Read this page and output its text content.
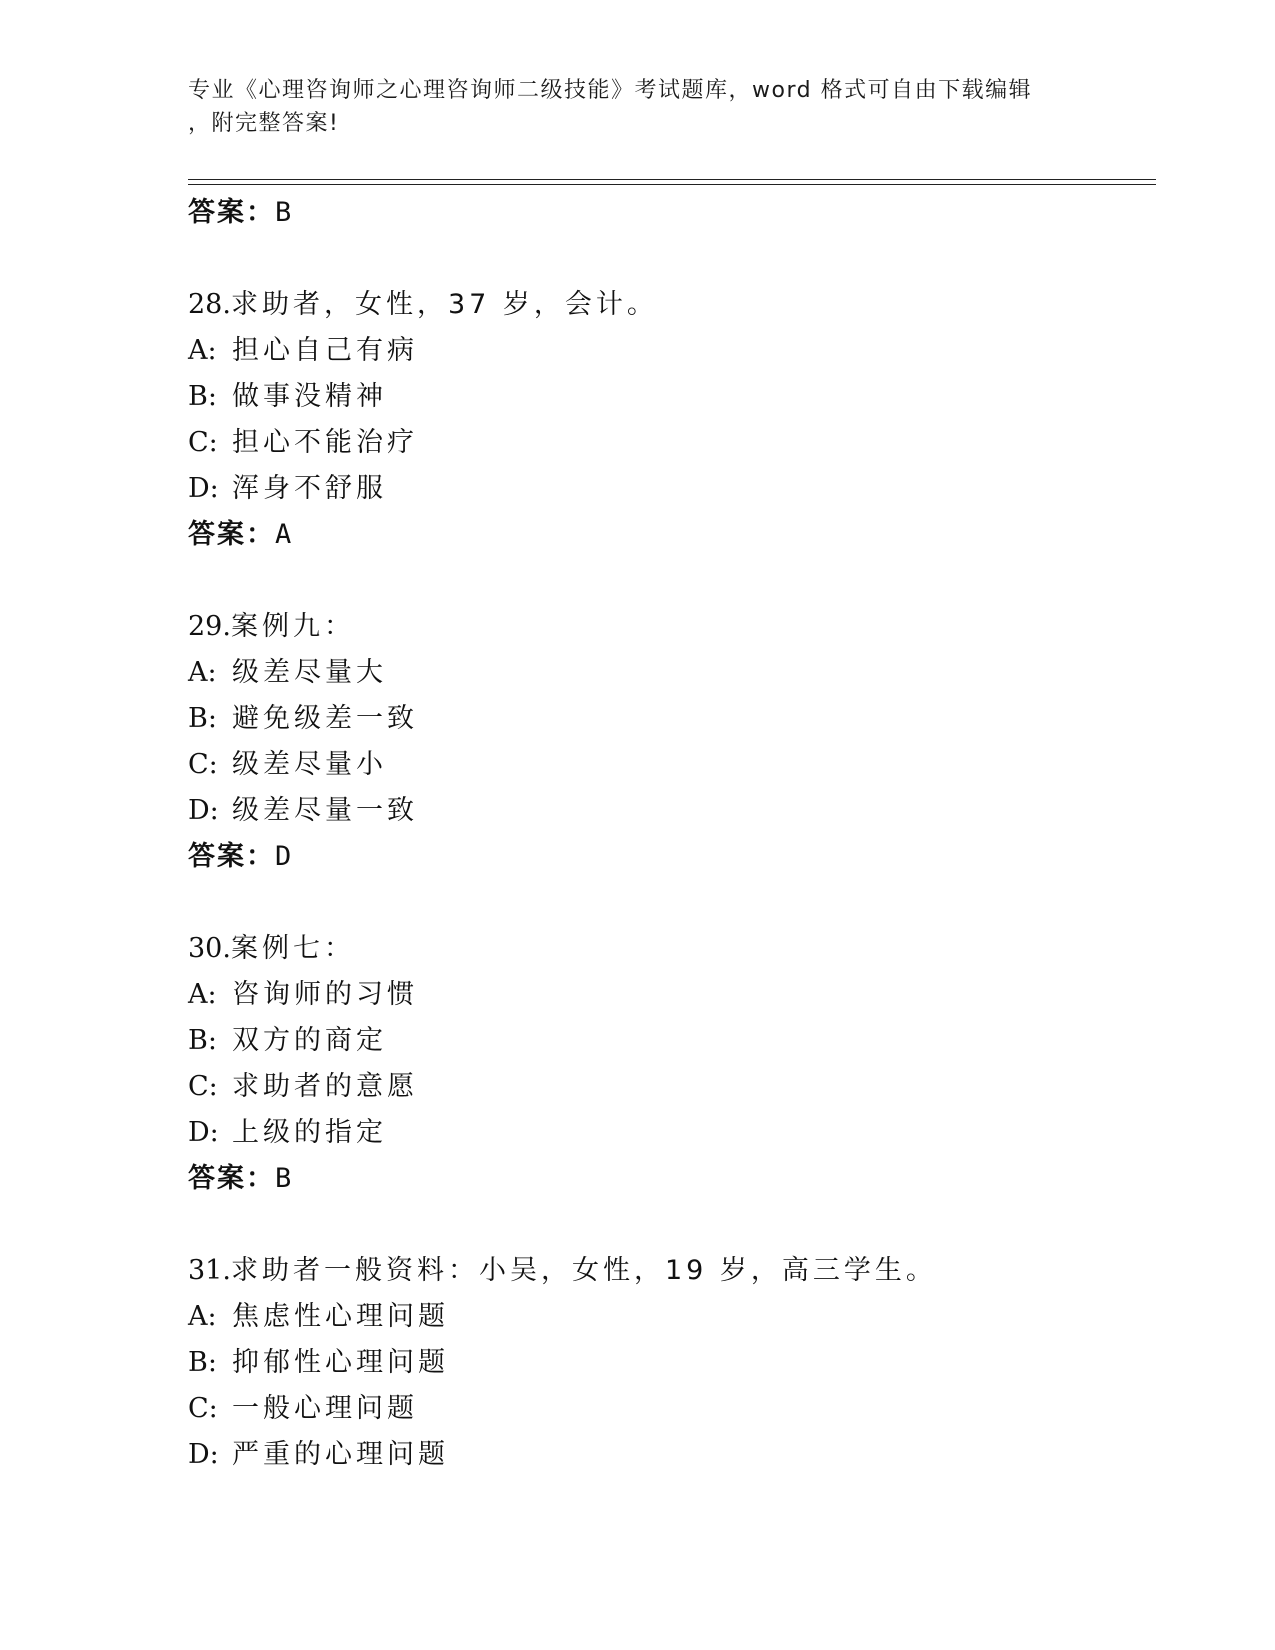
专业《心理咨询师之心理咨询师二级技能》考试题库，word 格式可自由下载编辑
，附完整答案!
答案：B
28.求助者，女性，37 岁，会计。
A: 担心自己有病
B: 做事没精神
C: 担心不能治疗
D: 浑身不舒服
答案：A
29.案例九：
A: 级差尽量大
B: 避免级差一致
C: 级差尽量小
D: 级差尽量一致
答案：D
30.案例七：
A: 咨询师的习惯
B: 双方的商定
C: 求助者的意愿
D: 上级的指定
答案：B
31.求助者一般资料：小吴，女性，19 岁，高三学生。
A: 焦虑性心理问题
B: 抑郁性心理问题
C: 一般心理问题
D: 严重的心理问题
